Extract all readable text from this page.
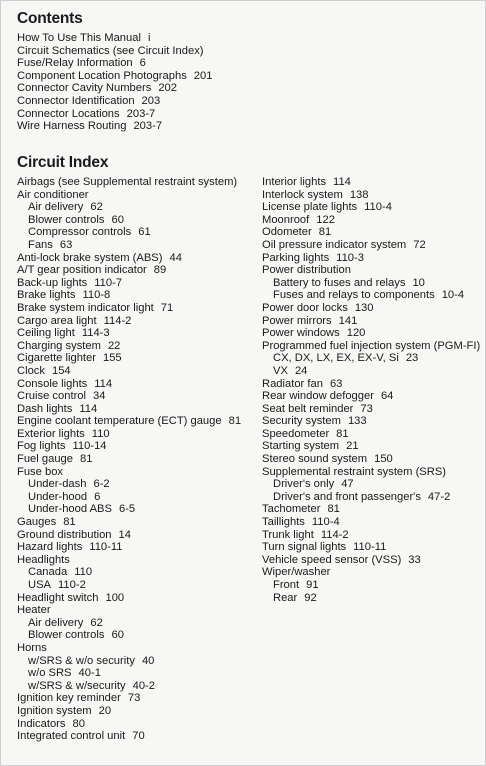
Contents
How To Use This Manual i
Circuit Schematics (see Circuit Index)
Fuse/Relay Information 6
Component Location Photographs 201
Connector Cavity Numbers 202
Connector Identification 203
Connector Locations 203-7
Wire Harness Routing 203-7
Circuit Index
Airbags (see Supplemental restraint system)
Air conditioner
Air delivery 62
Blower controls 60
Compressor controls 61
Fans 63
Anti-lock brake system (ABS) 44
A/T gear position indicator 89
Back-up lights 110-7
Brake lights 110-8
Brake system indicator light 71
Cargo area light 114-2
Ceiling light 114-3
Charging system 22
Cigarette lighter 155
Clock 154
Console lights 114
Cruise control 34
Dash lights 114
Engine coolant temperature (ECT) gauge 81
Exterior lights 110
Fog lights 110-14
Fuel gauge 81
Fuse box
Under-dash 6-2
Under-hood 6
Under-hood ABS 6-5
Gauges 81
Ground distribution 14
Hazard lights 110-11
Headlights
Canada 110
USA 110-2
Headlight switch 100
Heater
Air delivery 62
Blower controls 60
Horns
w/SRS & w/o security 40
w/o SRS 40-1
w/SRS & w/security 40-2
Ignition key reminder 73
Ignition system 20
Indicators 80
Integrated control unit 70
Interior lights 114
Interlock system 138
License plate lights 110-4
Moonroof 122
Odometer 81
Oil pressure indicator system 72
Parking lights 110-3
Power distribution
Battery to fuses and relays 10
Fuses and relays to components 10-4
Power door locks 130
Power mirrors 141
Power windows 120
Programmed fuel injection system (PGM-FI)
CX, DX, LX, EX, EX-V, Si 23
VX 24
Radiator fan 63
Rear window defogger 64
Seat belt reminder 73
Security system 133
Speedometer 81
Starting system 21
Stereo sound system 150
Supplemental restraint system (SRS)
Driver's only 47
Driver's and front passenger's 47-2
Tachometer 81
Taillights 110-4
Trunk light 114-2
Turn signal lights 110-11
Vehicle speed sensor (VSS) 33
Wiper/washer
Front 91
Rear 92
